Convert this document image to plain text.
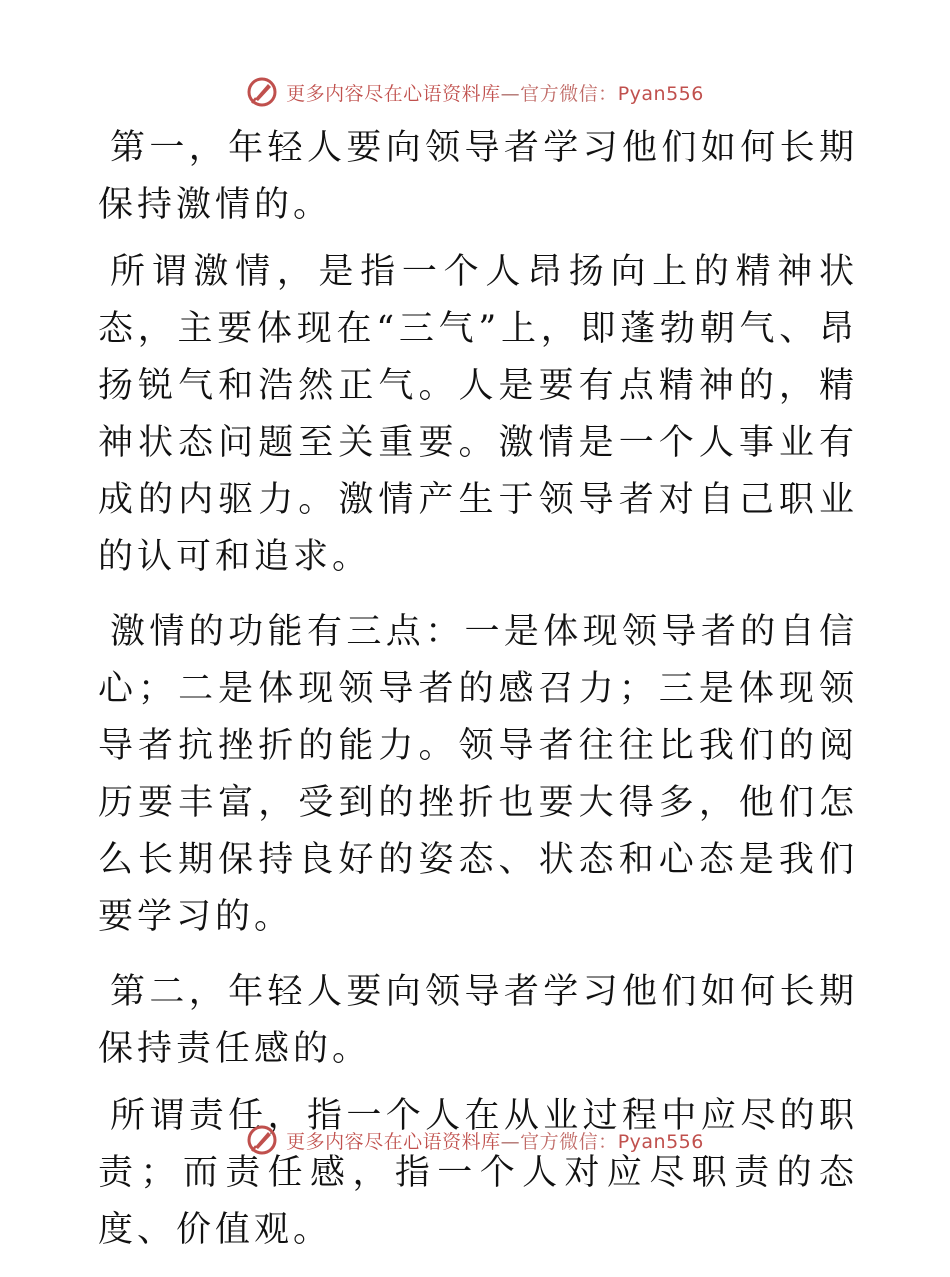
更多内容尽在心语资料库—官方微信：Pyan556

第一，年轻人要向领导者学习他们如何长期保持激情的。

所谓激情，是指一个人昂扬向上的精神状态，主要体现在“三气”上，即蓬勃朝气、昂扬锐气和浩然正气。人是要有点精神的，精神状态问题至关重要。激情是一个人事业有成的内驱力。激情产生于领导者对自己职业的认可和追求。

激情的功能有三点：一是体现领导者的自信心；二是体现领导者的感召力；三是体现领导者抗挫折的能力。领导者往往比我们的阅历要丰富，受到的挫折也要大得多，他们怎么长期保持良好的姿态、状态和心态是我们要学习的。

第二，年轻人要向领导者学习他们如何长期保持责任感的。

所谓责任，指一个人在从业过程中应尽的职责；而责任感，指一个人对应尽职责的态度、价值观。

更多内容尽在心语资料库—官方微信：Pyan556
